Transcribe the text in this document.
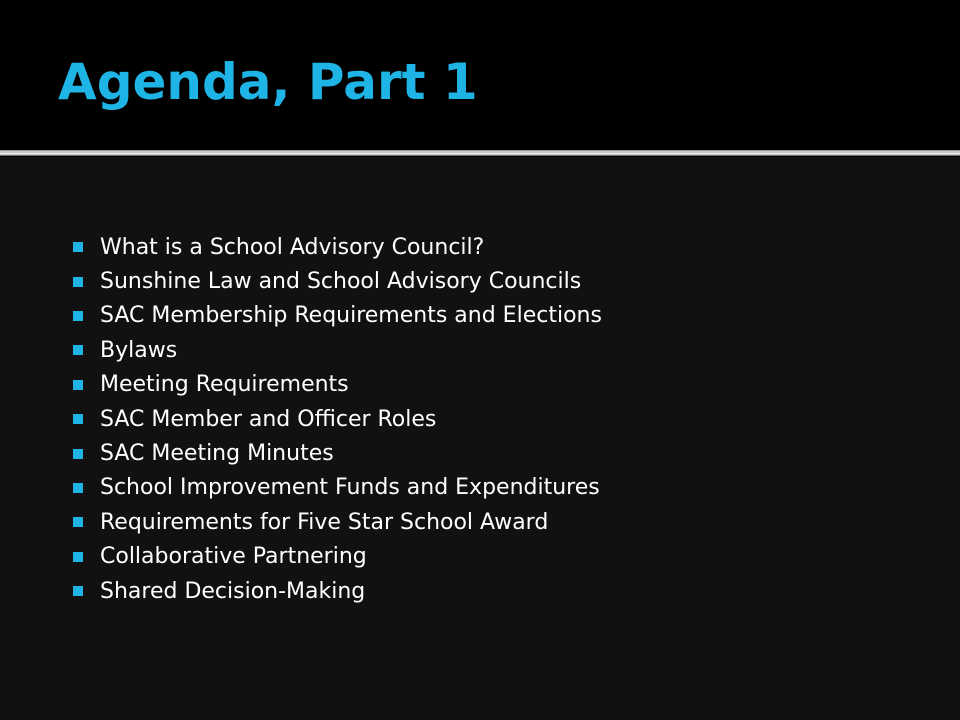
Agenda, Part 1
What is a School Advisory Council?
Sunshine Law and School Advisory Councils
SAC Membership Requirements and Elections
Bylaws
Meeting Requirements
SAC Member and Officer Roles
SAC Meeting Minutes
School Improvement Funds and Expenditures
Requirements for Five Star School Award
Collaborative Partnering
Shared Decision-Making
